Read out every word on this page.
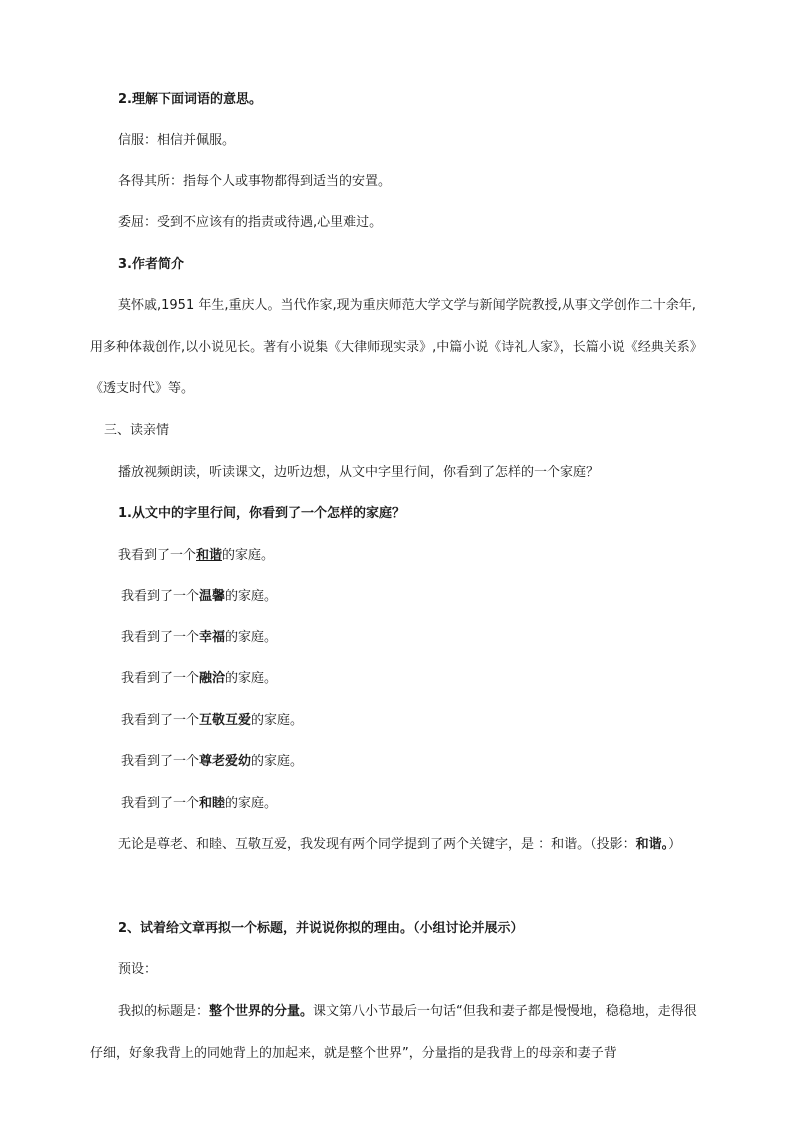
2.理解下面词语的意思。

信服：相信并佩服。

各得其所：指每个人或事物都得到适当的安置。

委屈：受到不应该有的指责或待遇,心里难过。

3.作者简介

莫怀戚,1951 年生,重庆人。当代作家,现为重庆师范大学文学与新闻学院教授,从事文学创作二十余年,用多种体裁创作,以小说见长。著有小说集《大律师现实录》,中篇小说《诗礼人家》，长篇小说《经典关系》《透支时代》等。

三、读亲情

播放视频朗读，听读课文，边听边想，从文中字里行间，你看到了怎样的一个家庭？

1.从文中的字里行间，你看到了一个怎样的家庭？

我看到了一个和谐的家庭。

我看到了一个温馨的家庭。

我看到了一个幸福的家庭。

我看到了一个融洽的家庭。

我看到了一个互敬互爱的家庭。

我看到了一个尊老爱幼的家庭。

我看到了一个和睦的家庭。

无论是尊老、和睦、互敬互爱，我发现有两个同学提到了两个关键字，是 ：和谐。（投影：和谐。）

2、试着给文章再拟一个标题，并说说你拟的理由。（小组讨论并展示）

预设：

我拟的标题是：整个世界的分量。课文第八小节最后一句话“但我和妻子都是慢慢地，稳稳地，走得很仔细，好象我背上的同她背上的加起来，就是整个世界”，分量指的是我背上的母亲和妻子背
